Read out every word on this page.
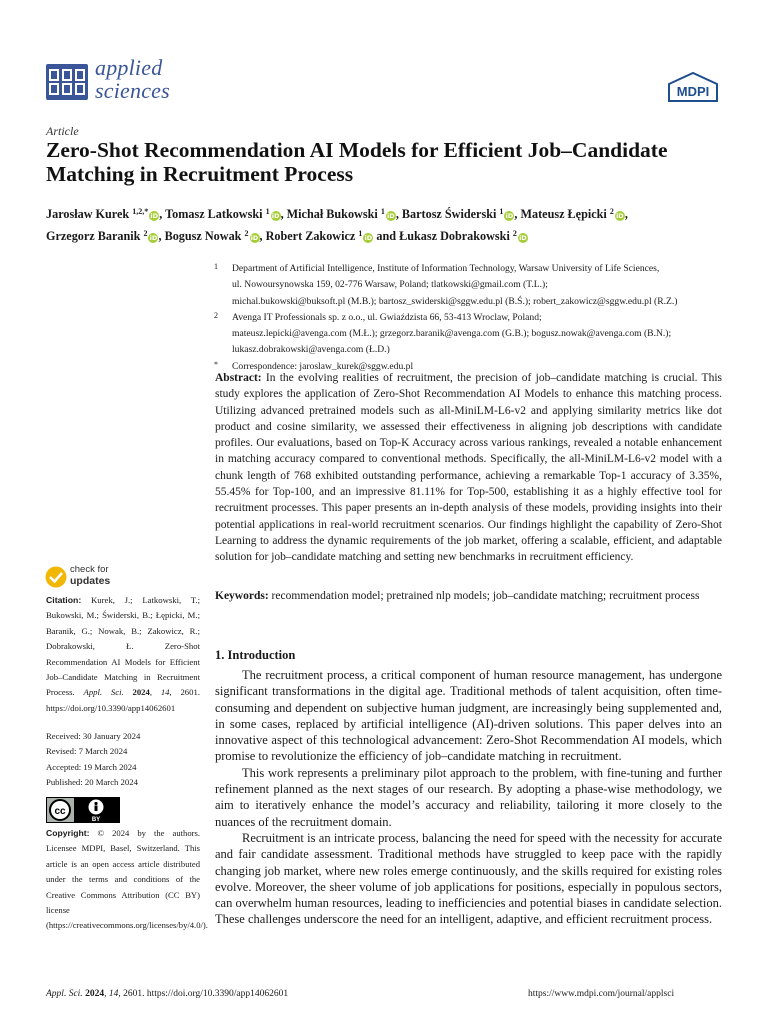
applied
sciences	MDPI
Article
Zero-Shot Recommendation AI Models for Efficient Job–Candidate Matching in Recruitment Process
Jarosław Kurek $^{1,2,*}$ iD, Tomasz Latkowski $^1$ iD, Michał Bukowski $^1$ iD, Bartosz Świderski $^1$ iD, Mateusz Łępicki $^2$ iD, Grzegorz Baranik $^2$ iD, Bogusz Nowak $^2$ iD, Robert Zakowicz $^1$ iD and Łukasz Dobrakowski $^2$ iD
1 Department of Artificial Intelligence, Institute of Information Technology, Warsaw University of Life Sciences,
ul. Nowoursynowska 159, 02-776 Warsaw, Poland; tlatkowski@gmail.com (T.L.);
michal.bukowski@buksoft.pl (M.B.); bartosz_swiderski@sggw.edu.pl (B.Ś.); robert_zakowicz@sggw.edu.pl (R.Z.)
2 Avenga IT Professionals sp. z o.o., ul. Gwiaździsta 66, 53-413 Wroclaw, Poland;
mateusz.lepicki@avenga.com (M.Ł.); grzegorz.baranik@avenga.com (G.B.); bogusz.nowak@avenga.com (B.N.);
lukasz.dobrakowski@avenga.com (Ł.D.)
* Correspondence: jaroslaw_kurek@sggw.edu.pl
Abstract: In the evolving realities of recruitment, the precision of job–candidate matching is crucial. This study explores the application of Zero-Shot Recommendation AI Models to enhance this matching process. Utilizing advanced pretrained models such as all-MiniLM-L6-v2 and applying similarity metrics like dot product and cosine similarity, we assessed their effectiveness in aligning job descriptions with candidate profiles. Our evaluations, based on Top-K Accuracy across various rankings, revealed a notable enhancement in matching accuracy compared to conventional methods. Specifically, the all-MiniLM-L6-v2 model with a chunk length of 768 exhibited outstanding performance, achieving a remarkable Top-1 accuracy of 3.35%, 55.45% for Top-100, and an impressive 81.11% for Top-500, establishing it as a highly effective tool for recruitment processes. This paper presents an in-depth analysis of these models, providing insights into their potential applications in real-world recruitment scenarios. Our findings highlight the capability of Zero-Shot Learning to address the dynamic requirements of the job market, offering a scalable, efficient, and adaptable solution for job–candidate matching and setting new benchmarks in recruitment efficiency.
Keywords: recommendation model; pretrained nlp models; job–candidate matching; recruitment process
check for
updates
Citation: Kurek, J.; Latkowski, T.; Bukowski, M.; Świderski, B.; Łępicki, M.; Baranik, G.; Nowak, B.; Zakowicz, R.; Dobrakowski, Ł. Zero-Shot Recommendation AI Models for Efficient Job–Candidate Matching in Recruitment Process. Appl. Sci. 2024, 14, 2601. https://doi.org/10.3390/app14062601
Received: 30 January 2024
Revised: 7 March 2024
Accepted: 19 March 2024
Published: 20 March 2024
cc
BY
Copyright: © 2024 by the authors. Licensee MDPI, Basel, Switzerland. This article is an open access article distributed under the terms and conditions of the Creative Commons Attribution (CC BY) license (https://creativecommons.org/licenses/by/4.0/).
1. Introduction

The recruitment process, a critical component of human resource management, has undergone significant transformations in the digital age. Traditional methods of talent acquisition, often time-consuming and dependent on subjective human judgment, are increasingly being supplemented and, in some cases, replaced by artificial intelligence (AI)-driven solutions. This paper delves into an innovative aspect of this technological advancement: Zero-Shot Recommendation AI models, which promise to revolutionize the efficiency of job–candidate matching in recruitment.

This work represents a preliminary pilot approach to the problem, with fine-tuning and further refinement planned as the next stages of our research. By adopting a phase-wise methodology, we aim to iteratively enhance the model’s accuracy and reliability, tailoring it more closely to the nuances of the recruitment domain.

Recruitment is an intricate process, balancing the need for speed with the necessity for accurate and fair candidate assessment. Traditional methods have struggled to keep pace with the rapidly changing job market, where new roles emerge continuously, and the skills required for existing roles evolve. Moreover, the sheer volume of job applications for positions, especially in populous sectors, can overwhelm human resources, leading to inefficiencies and potential biases in candidate selection. These challenges underscore the need for an intelligent, adaptive, and efficient recruitment process.

Appl. Sci. 2024, 14, 2601. https://doi.org/10.3390/app14062601	https://www.mdpi.com/journal/applsci
